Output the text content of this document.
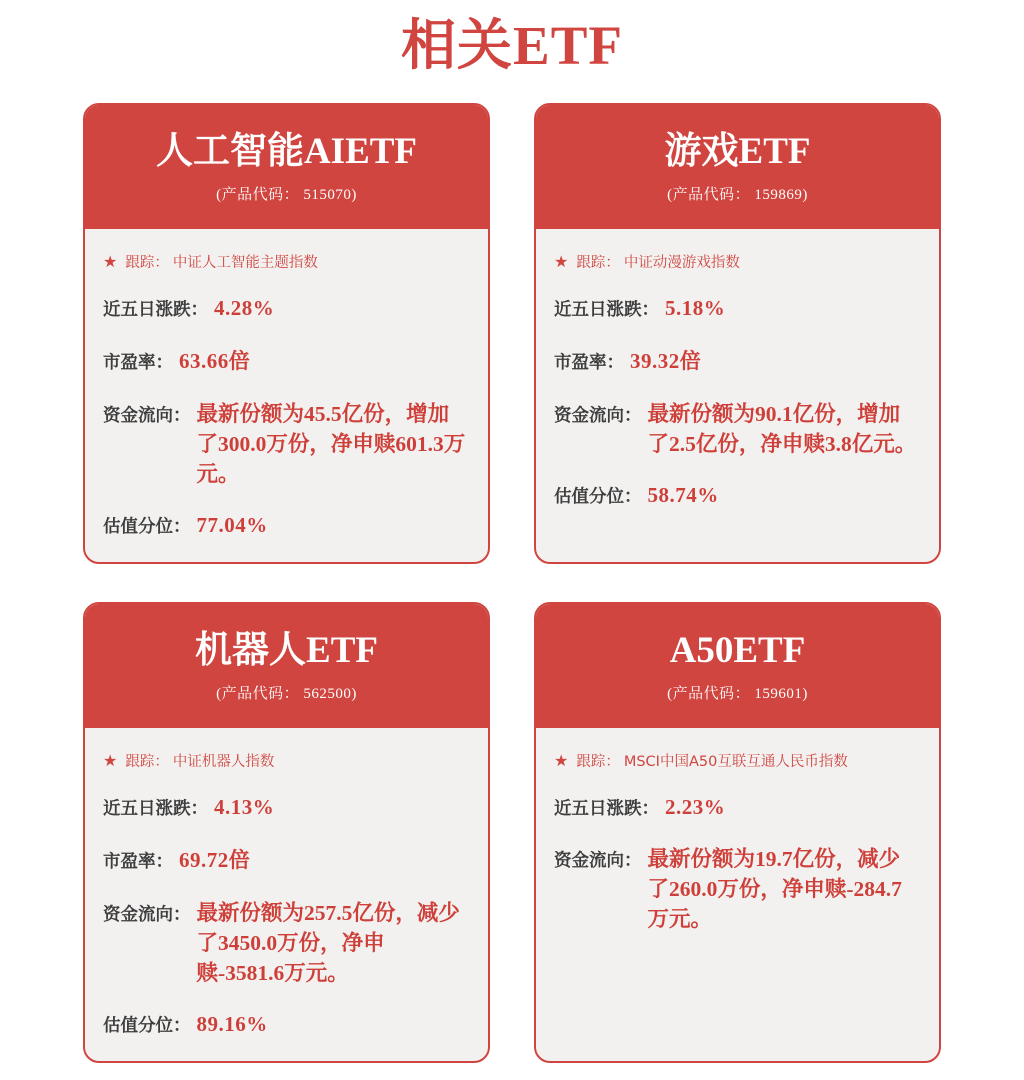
相关ETF
人工智能AIETF
(产品代码： 515070)
★ 跟踪： 中证人工智能主题指数
近五日涨跌： 4.28%
市盈率： 63.66倍
资金流向： 最新份额为45.5亿份，增加了300.0万份，净申赎601.3万元。
估值分位： 77.04%
游戏ETF
(产品代码： 159869)
★ 跟踪： 中证动漫游戏指数
近五日涨跌： 5.18%
市盈率： 39.32倍
资金流向： 最新份额为90.1亿份，增加了2.5亿份，净申赎3.8亿元。
估值分位： 58.74%
机器人ETF
(产品代码： 562500)
★ 跟踪： 中证机器人指数
近五日涨跌： 4.13%
市盈率： 69.72倍
资金流向： 最新份额为257.5亿份，减少了3450.0万份，净申赎-3581.6万元。
估值分位： 89.16%
A50ETF
(产品代码： 159601)
★ 跟踪： MSCI中国A50互联互通人民币指数
近五日涨跌： 2.23%
资金流向： 最新份额为19.7亿份，减少了260.0万份，净申赎-284.7万元。
